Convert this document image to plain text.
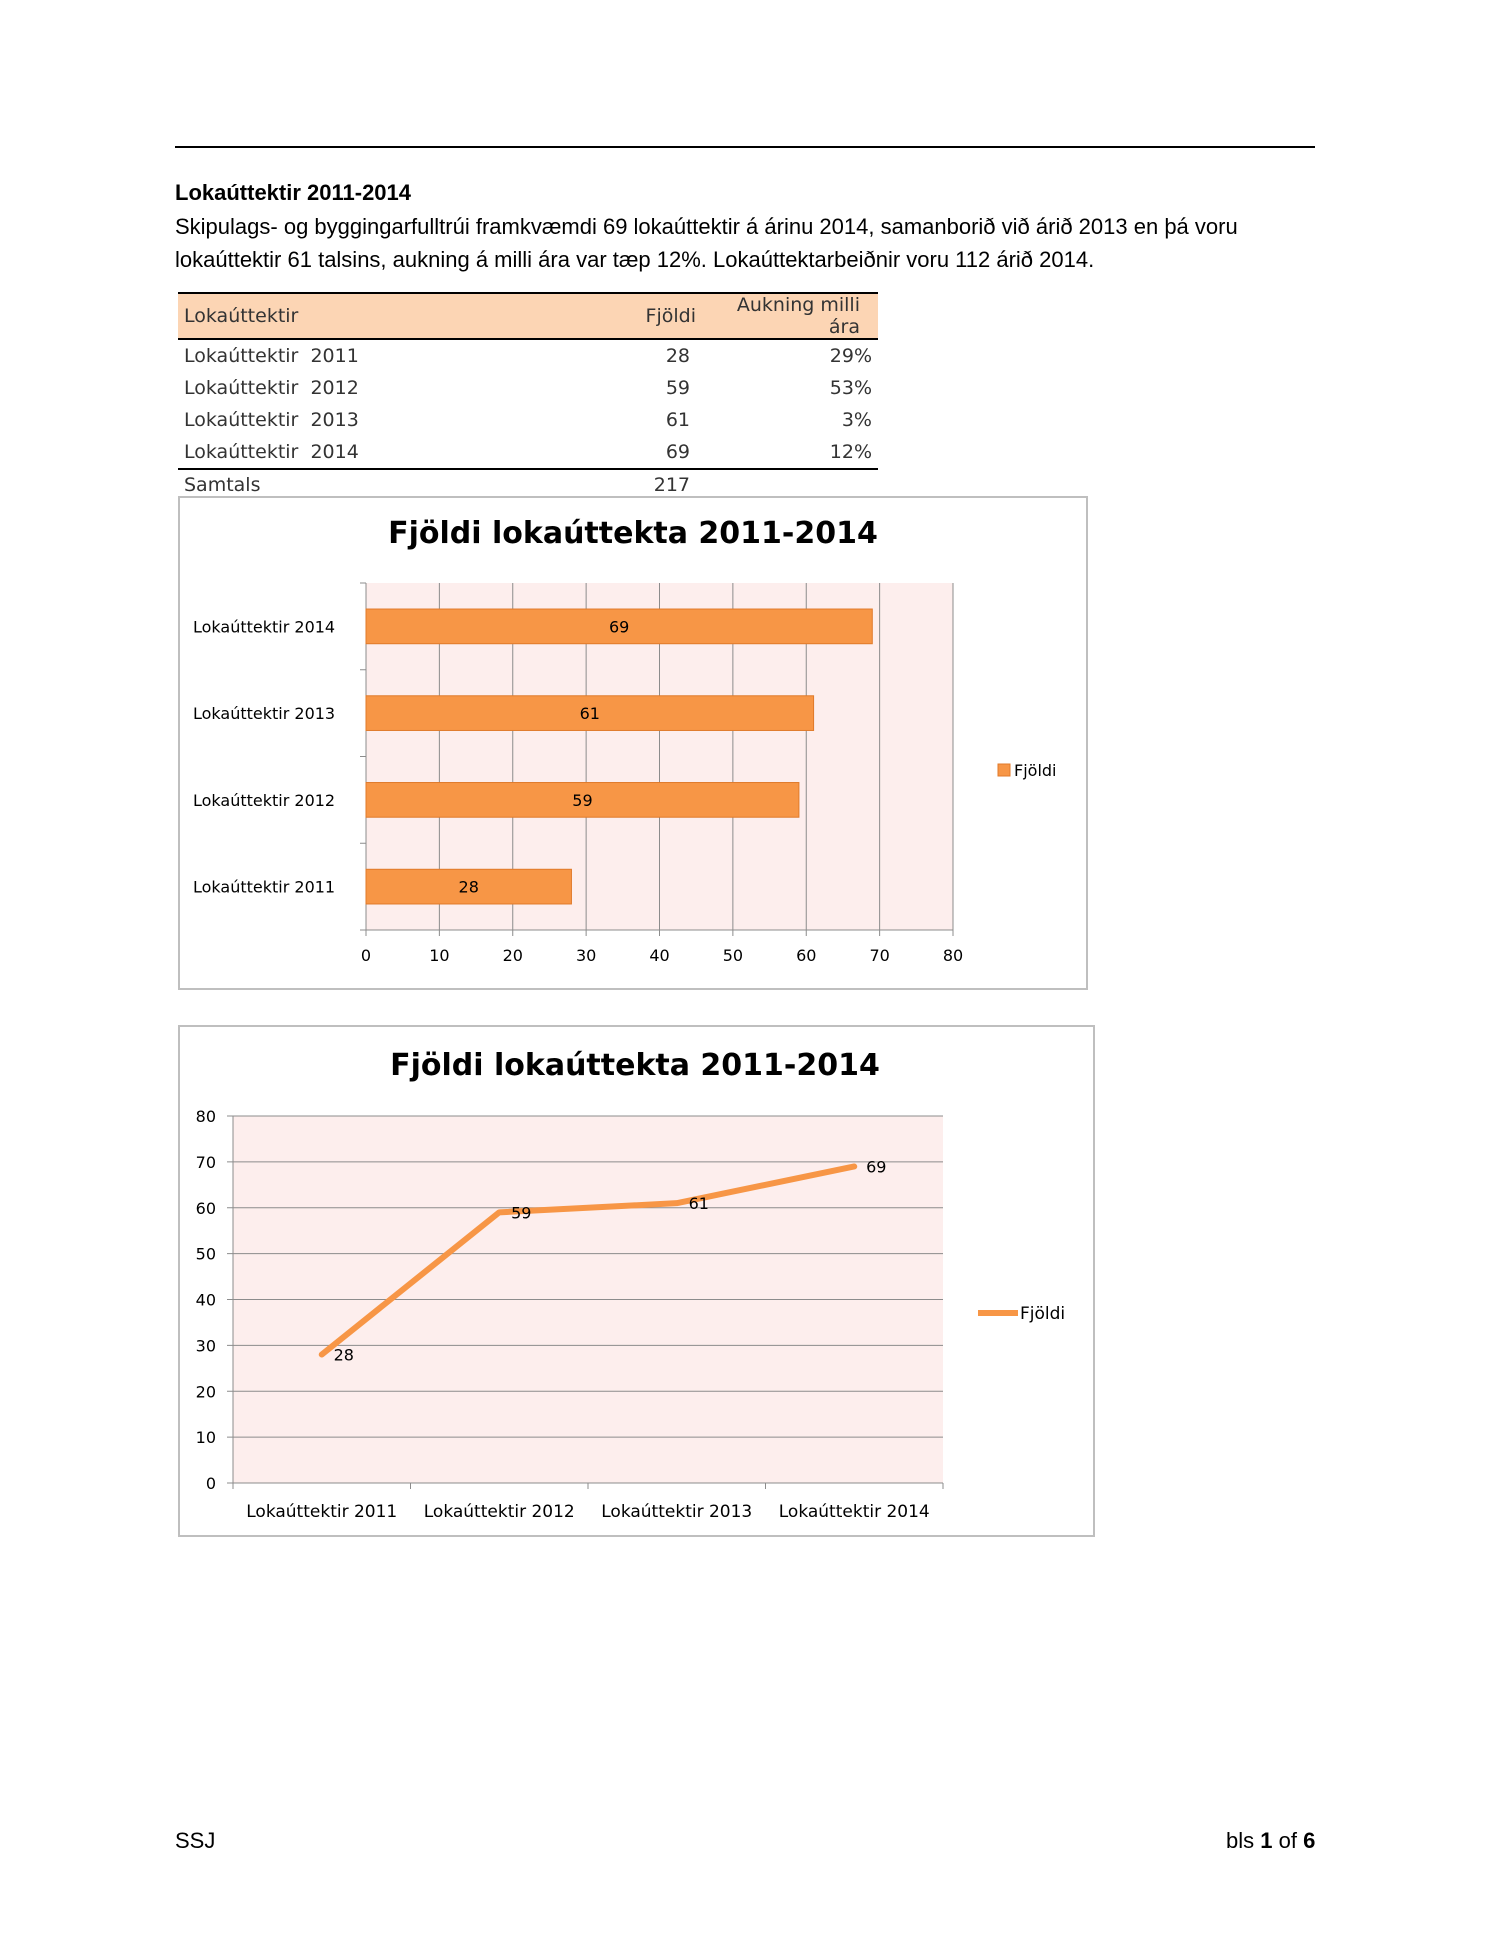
Lokaúttektir 2011-2014

Skipulags- og byggingarfulltrúi framkvæmdi 69 lokaúttektir á árinu 2014, samanborið við árið 2013 en þá voru lokaúttektir 61 talsins, aukning á milli ára var tæp 12%. Lokaúttektarbeiðnir voru 112 árið 2014.

Lokaúttektir	Fjöldi	Aukning milli ára
Lokaúttektir  2011	28	29%
Lokaúttektir  2012	59	53%
Lokaúttektir  2013	61	3%
Lokaúttektir  2014	69	12%
Samtals	217	
Fjöldi lokaúttekta 2011-2014
0	10	20	30	40	50	60	70	80
28
Lokaúttektir 2011
59
Lokaúttektir 2012
61
Lokaúttektir 2013
69
Lokaúttektir 2014
Fjöldi
Fjöldi lokaúttekta 2011-2014
0
10
20
30
40
50
60
70
80
Lokaúttektir 2011 Lokaúttektir 2012 Lokaúttektir 2013 Lokaúttektir 2014
28
59	61
69
Fjöldi
SSJ	bls 1 of 6
